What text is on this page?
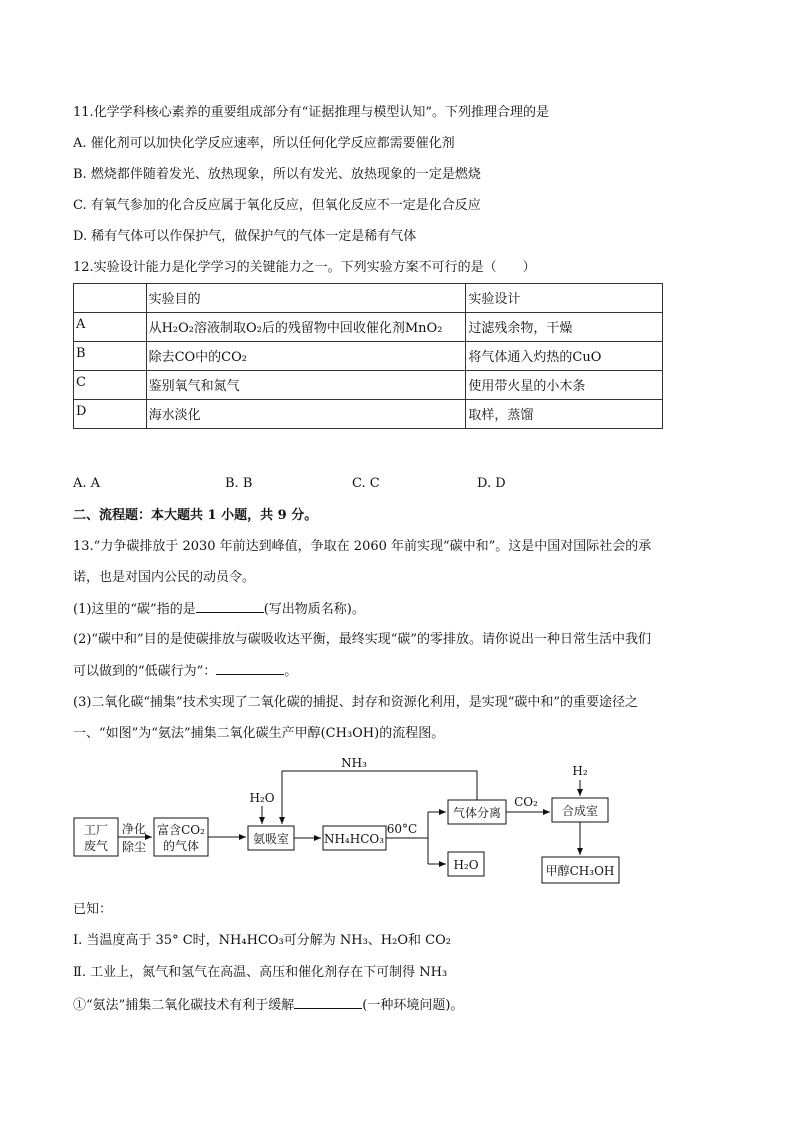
11.化学学科核心素养的重要组成部分有“证据推理与模型认知”。下列推理合理的是
A. 催化剂可以加快化学反应速率，所以任何化学反应都需要催化剂
B. 燃烧都伴随着发光、放热现象，所以有发光、放热现象的一定是燃烧
C. 有氧气参加的化合反应属于氧化反应，但氧化反应不一定是化合反应
D. 稀有气体可以作保护气，做保护气的气体一定是稀有气体
12.实验设计能力是化学学习的关键能力之一。下列实验方案不可行的是（　　）
	实验目的	实验设计
A	从H₂O₂溶液制取O₂后的残留物中回收催化剂MnO₂	过滤残余物，干燥
B	除去CO中的CO₂	将气体通入灼热的CuO
C	鉴别氧气和氮气	使用带火星的小木条
D	海水淡化	取样，蒸馏
A. A	B. B	C. C	D. D
二、流程题：本大题共 1 小题，共 9 分。
13.“力争碳排放于 2030 年前达到峰值，争取在 2060 年前实现“碳中和”。这是中国对国际社会的承
诺，也是对国内公民的动员令。
(1)这里的“碳”指的是	(写出物质名称)。
(2)“碳中和”目的是使碳排放与碳吸收达平衡，最终实现“碳”的零排放。请你说出一种日常生活中我们
可以做到的“低碳行为”：	。
(3)二氧化碳“捕集”技术实现了二氧化碳的捕捉、封存和资源化利用，是实现“碳中和”的重要途径之
一、“如图”为“氨法”捕集二氧化碳生产甲醇(CH₃OH)的流程图。
工厂
废气
净化
除尘
富含CO₂
的气体
H₂O
氨吸室	NH₄HCO₃
60°C
NH₃
气体分离
H₂O
CO₂
H₂
合成室
甲醇CH₃OH
已知：
Ⅰ. 当温度高于 35° C时，NH₄HCO₃可分解为 NH₃、H₂O和 CO₂
Ⅱ. 工业上，氮气和氢气在高温、高压和催化剂存在下可制得 NH₃
①“氨法”捕集二氧化碳技术有利于缓解	(一种环境问题)。
